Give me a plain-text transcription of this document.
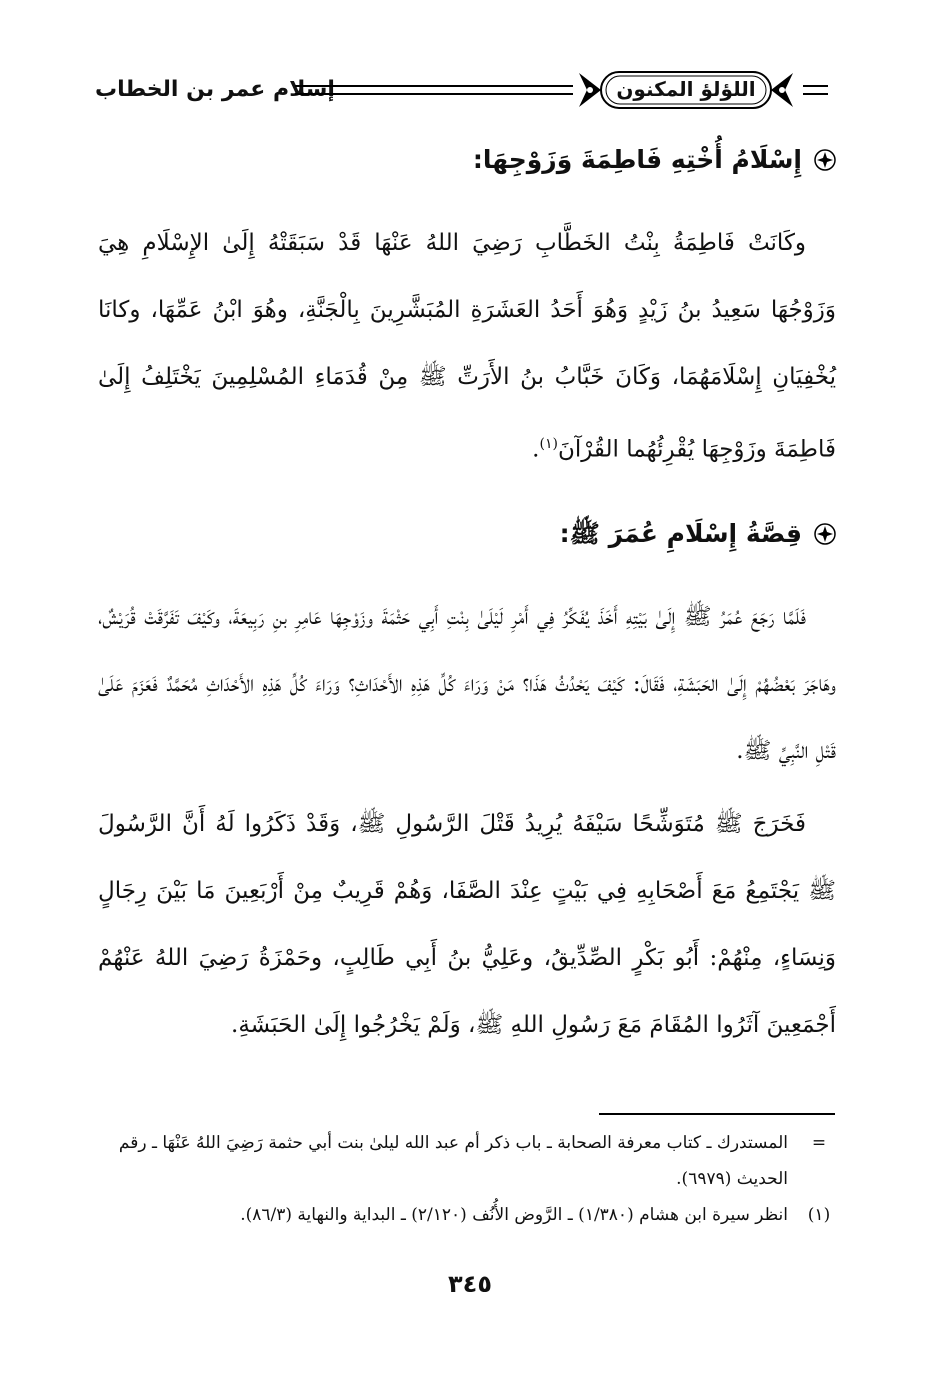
إسلام عمر بن الخطاب	اللؤلؤ المكنون
إِسْلَامُ أُخْتِهِ فَاطِمَةَ وَزَوْجِهَا:

وكَانَتْ فَاطِمَةُ بِنْتُ الخَطَّابِ رَضِيَ اللهُ عَنْهَا قَدْ سَبَقَتْهُ إِلَىٰ الإِسْلَامِ هِيَ وَزَوْجُهَا سَعِيدُ بنُ زَيْدٍ وَهُوَ أَحَدُ العَشَرَةِ المُبَشَّرِينَ بِالْجَنَّةِ، وهُوَ ابْنُ عَمِّهَا، وكانَا يُخْفِيَانِ إِسْلَامَهُمَا، وَكَانَ خَبَّابُ بنُ الأَرَتِّ ﷺ مِنْ قُدَمَاءِ المُسْلِمِينَ يَخْتَلِفُ إِلَىٰ فَاطِمَةَ وزَوْجِهَا يُقْرِئُهُما القُرْآنَ$^{(١)}$.

قِصَّةُ إِسْلَامِ عُمَرَ ﷺ:

فَلَمَّا رَجَعَ عُمَرُ ﷺ إِلَىٰ بَيْتِهِ أَخَذَ يُفَكِّرُ فِي أَمْرِ لَيْلَىٰ بِنْتِ أَبِي حَثْمَةَ وزَوْجِهَا عَامِرِ بنِ رَبِيعَةَ، وكَيْفَ تَفَرَّقَتْ قُرَيْشٌ، وهَاجَرَ بَعْضُهُمْ إِلَىٰ الحَبَشَةِ، فَقَالَ: كَيْفَ يَحْدُثُ هَذَا؟ مَنْ وَرَاءَ كُلِّ هَذِهِ الأَحْدَاثِ؟ وَرَاءَ كُلِّ هَذِهِ الأَحْدَاثِ مُحَمَّدٌ فَعَزَمَ عَلَىٰ قَتْلِ النَّبِيِّ ﷺ.

فَخَرَجَ ﷺ مُتَوَشِّحًا سَيْفَهُ يُرِيدُ قَتْلَ الرَّسُولِ ﷺ، وَقَدْ ذَكَرُوا لَهُ أَنَّ الرَّسُولَ ﷺ يَجْتَمِعُ مَعَ أَصْحَابِهِ فِي بَيْتٍ عِنْدَ الصَّفَا، وَهُمْ قَرِيبٌ مِنْ أَرْبَعِينَ مَا بَيْنَ رِجَالٍ وَنِسَاءٍ، مِنْهُمْ: أَبُو بَكْرٍ الصِّدِّيقُ، وعَلِيُّ بنُ أَبِي طَالِبٍ، وحَمْزَةُ رَضِيَ اللهُ عَنْهُمْ أَجْمَعِينَ آثَرُوا المُقَامَ مَعَ رَسُولِ اللهِ ﷺ، وَلَمْ يَخْرُجُوا إِلَىٰ الحَبَشَةِ.

=
المستدرك ـ كتاب معرفة الصحابة ـ باب ذكر أم عبد الله ليلىٰ بنت أبي حثمة رَضِيَ اللهُ عَنْهَا ـ رقم الحديث (٦٩٧٩).

(١)
انظر سيرة ابن هشام (١/٣٨٠) ـ الرَّوض الأُنُف (٢/١٢٠) ـ البداية والنهاية (٨٦/٣).

٣٤٥
